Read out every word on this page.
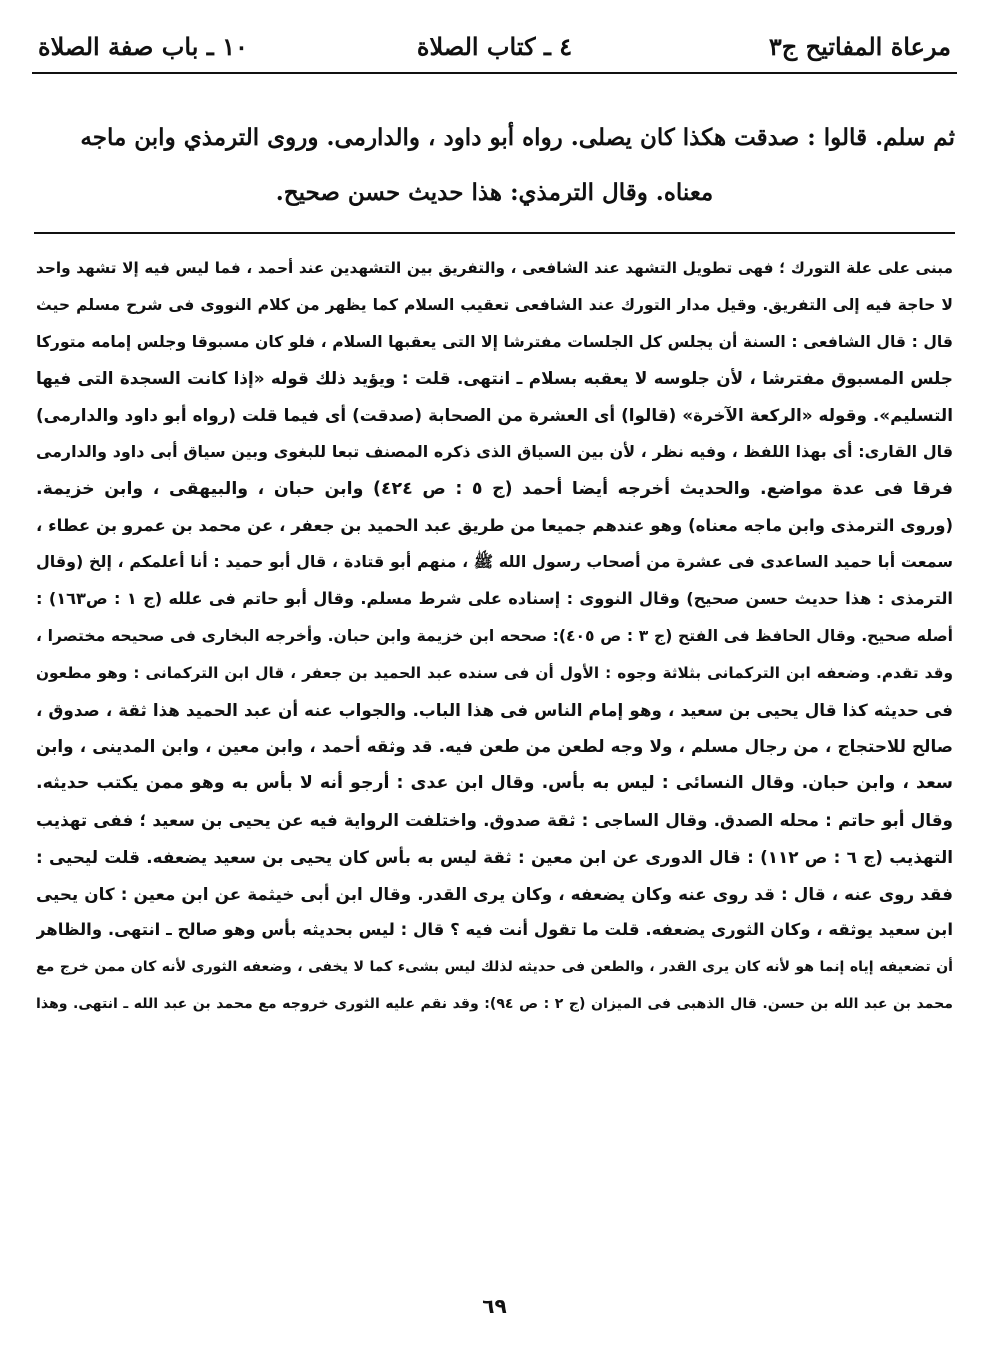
مرعاة المفاتيح ج٣
٤ ـ كتاب الصلاة
١٠ ـ باب صفة الصلاة
ثم سلم. قالوا : صدقت هكذا كان يصلى. رواه أبو داود ، والدارمى. وروى الترمذي وابن ماجه
معناه. وقال الترمذي: هذا حديث حسن صحيح.
مبنى على علة التورك ؛ فهى تطويل التشهد عند الشافعى ، والتفريق بين التشهدين عند أحمد ، فما ليس فيه إلا تشهد واحد
لا حاجة فيه إلى التفريق. وقيل مدار التورك عند الشافعى تعقيب السلام كما يظهر من كلام النووى فى شرح مسلم حيث
قال : قال الشافعى : السنة أن يجلس كل الجلسات مفترشا إلا التى يعقبها السلام ، فلو كان مسبوقا وجلس إمامه متوركا
جلس المسبوق مفترشا ، لأن جلوسه لا يعقبه بسلام ـ انتهى. قلت : ويؤيد ذلك قوله «إذا كانت السجدة التى فيها
التسليم». وقوله «الركعة الآخرة» (قالوا) أى العشرة من الصحابة (صدقت) أى فيما قلت (رواه أبو داود والدارمى)
قال القارى: أى بهذا اللفظ ، وفيه نظر ، لأن بين السياق الذى ذكره المصنف تبعا للبغوى وبين سياق أبى داود والدارمى
فرقا فى عدة مواضع. والحديث أخرجه أيضا أحمد (ج ٥ : ص ٤٢٤) وابن حبان ، والبيهقى ، وابن خزيمة.
(وروى الترمذى وابن ماجه معناه) وهو عندهم جميعا من طريق عبد الحميد بن جعفر ، عن محمد بن عمرو بن عطاء ،
سمعت أبا حميد الساعدى فى عشرة من أصحاب رسول الله ﷺ ، منهم أبو قتادة ، قال أبو حميد : أنا أعلمكم ، إلخ (وقال
الترمذى : هذا حديث حسن صحيح) وقال النووى : إسناده على شرط مسلم. وقال أبو حاتم فى علله (ج ١ : ص١٦٣) :
أصله صحيح. وقال الحافظ فى الفتح (ج ٣ : ص ٤٠٥): صححه ابن خزيمة وابن حبان. وأخرجه البخارى فى صحيحه مختصرا ،
وقد تقدم. وضعفه ابن التركمانى بثلاثة وجوه : الأول أن فى سنده عبد الحميد بن جعفر ، قال ابن التركمانى : وهو مطعون
فى حديثه كذا قال يحيى بن سعيد ، وهو إمام الناس فى هذا الباب. والجواب عنه أن عبد الحميد هذا ثقة ، صدوق ،
صالح للاحتجاج ، من رجال مسلم ، ولا وجه لطعن من طعن فيه. قد وثقه أحمد ، وابن معين ، وابن المدينى ، وابن
سعد ، وابن حبان. وقال النسائى : ليس به بأس. وقال ابن عدى : أرجو أنه لا بأس به وهو ممن يكتب حديثه.
وقال أبو حاتم : محله الصدق. وقال الساجى : ثقة صدوق. واختلفت الرواية فيه عن يحيى بن سعيد ؛ ففى تهذيب
التهذيب (ج ٦ : ص ١١٢) : قال الدورى عن ابن معين : ثقة ليس به بأس كان يحيى بن سعيد يضعفه. قلت ليحيى :
فقد روى عنه ، قال : قد روى عنه وكان يضعفه ، وكان يرى القدر. وقال ابن أبى خيثمة عن ابن معين : كان يحيى
ابن سعيد يوثقه ، وكان الثورى يضعفه. قلت ما تقول أنت فيه ؟ قال : ليس بحديثه بأس وهو صالح ـ انتهى. والظاهر
أن تضعيفه إياه إنما هو لأنه كان يرى القدر ، والطعن فى حديثه لذلك ليس بشىء كما لا يخفى ، وضعفه الثورى لأنه كان ممن خرج مع
محمد بن عبد الله بن حسن. قال الذهبى فى الميزان (ج ٢ : ص ٩٤): وقد نقم عليه الثورى خروجه مع محمد بن عبد الله ـ انتهى. وهذا
٦٩
